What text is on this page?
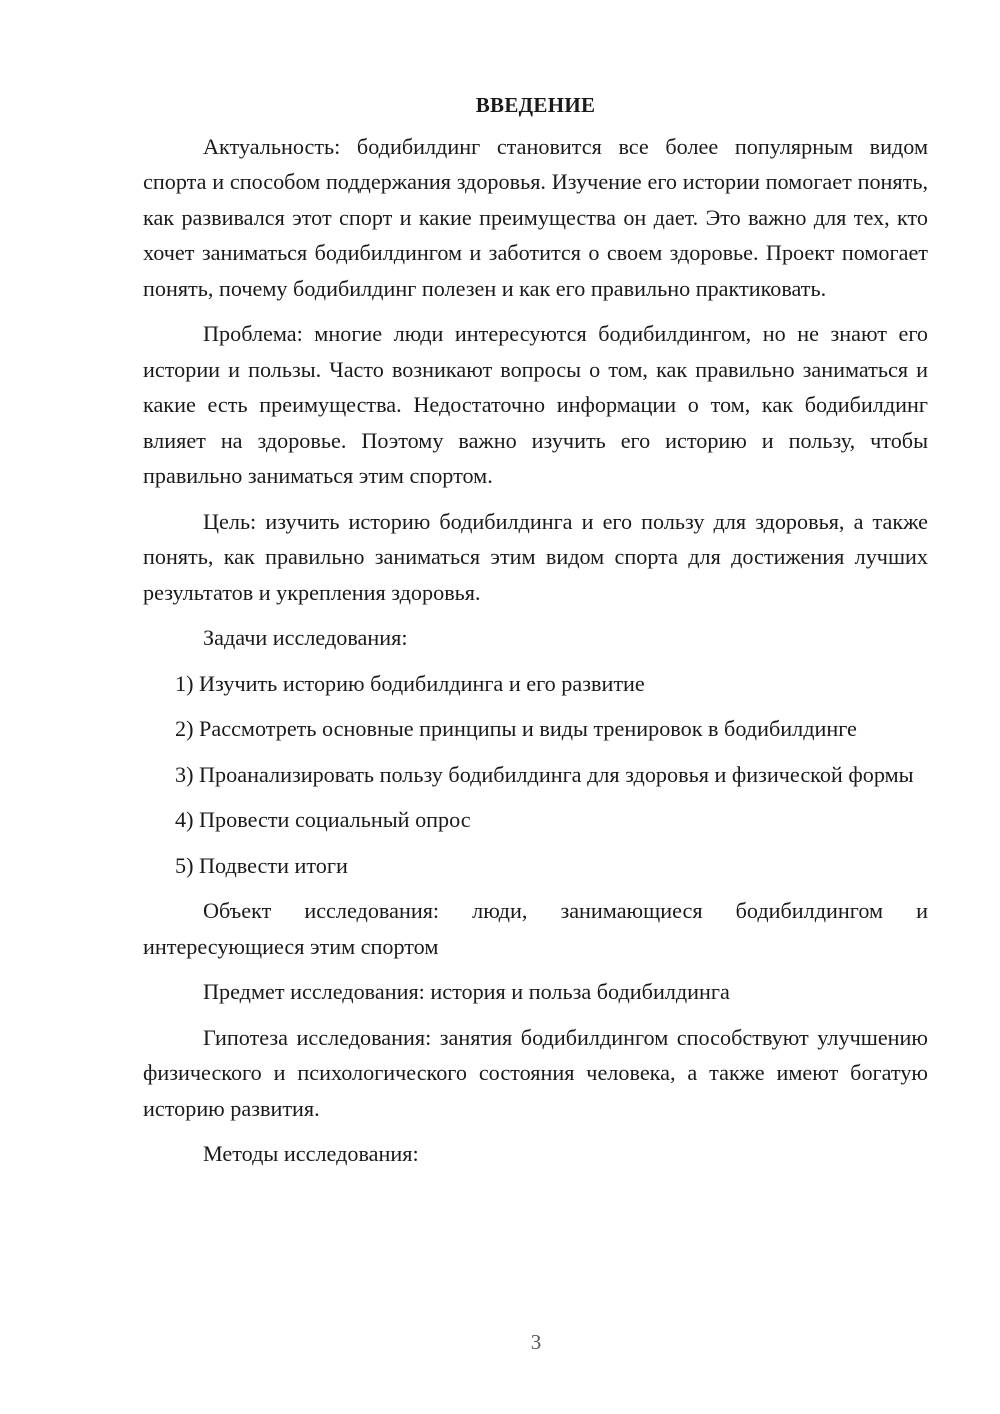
ВВЕДЕНИЕ

Актуальность: бодибилдинг становится все более популярным видом спорта и способом поддержания здоровья. Изучение его истории помогает понять, как развивался этот спорт и какие преимущества он дает. Это важно для тех, кто хочет заниматься бодибилдингом и заботится о своем здоровье. Проект помогает понять, почему бодибилдинг полезен и как его правильно практиковать.

Проблема: многие люди интересуются бодибилдингом, но не знают его истории и пользы. Часто возникают вопросы о том, как правильно заниматься и какие есть преимущества. Недостаточно информации о том, как бодибилдинг влияет на здоровье. Поэтому важно изучить его историю и пользу, чтобы правильно заниматься этим спортом.

Цель: изучить историю бодибилдинга и его пользу для здоровья, а также понять, как правильно заниматься этим видом спорта для достижения лучших результатов и укрепления здоровья.

Задачи исследования:

1) Изучить историю бодибилдинга и его развитие

2) Рассмотреть основные принципы и виды тренировок в бодибилдинге

3) Проанализировать пользу бодибилдинга для здоровья и физической формы

4) Провести социальный опрос

5) Подвести итоги

Объект исследования: люди, занимающиеся бодибилдингом и интересующиеся этим спортом

Предмет исследования: история и польза бодибилдинга

Гипотеза исследования: занятия бодибилдингом способствуют улучшению физического и психологического состояния человека, а также имеют богатую историю развития.

Методы исследования:

3
